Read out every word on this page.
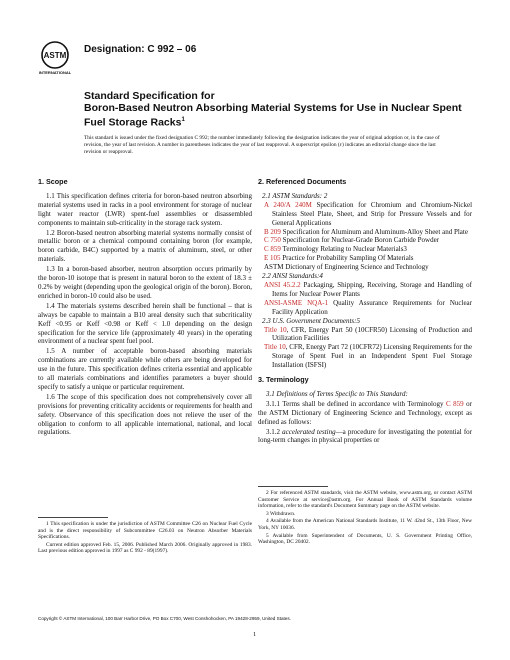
ASTM
INTERNATIONAL
Designation: C 992 – 06
Standard Specification for
Boron-Based Neutron Absorbing Material Systems for Use in Nuclear Spent Fuel Storage Racks$^1$
This standard is issued under the fixed designation C 992; the number immediately following the designation indicates the year of original adoption or, in the case of revision, the year of last revision. A number in parentheses indicates the year of last reapproval. A superscript epsilon (ε) indicates an editorial change since the last revision or reapproval.
1. Scope

1.1 This specification defines criteria for boron-based neutron absorbing material systems used in racks in a pool environment for storage of nuclear light water reactor (LWR) spent-fuel assemblies or disassembled components to maintain sub-criticality in the storage rack system.

1.2 Boron-based neutron absorbing material systems normally consist of metallic boron or a chemical compound containing boron (for example, boron carbide, B4C) supported by a matrix of aluminum, steel, or other materials.

1.3 In a boron-based absorber, neutron absorption occurs primarily by the boron-10 isotope that is present in natural boron to the extent of 18.3 ± 0.2% by weight (depending upon the geological origin of the boron). Boron, enriched in boron-10 could also be used.

1.4 The materials systems described herein shall be functional – that is always be capable to maintain a B10 areal density such that subcriticality Keff <0.95 or Keff <0.98 or Keff < 1.0 depending on the design specification for the service life (approximately 40 years) in the operating environment of a nuclear spent fuel pool.

1.5 A number of acceptable boron-based absorbing materials combinations are currently available while others are being developed for use in the future. This specification defines criteria essential and applicable to all materials combinations and identifies parameters a buyer should specify to satisfy a unique or particular requirement.

1.6 The scope of this specification does not comprehensively cover all provisions for preventing criticality accidents or requirements for health and safety. Observance of this specification does not relieve the user of the obligation to conform to all applicable international, national, and local regulations.

1 This specification is under the jurisdiction of ASTM Committee C26 on Nuclear Fuel Cycle and is the direct responsibility of Subcommittee C26.03 on Neutron Absorber Materials Specifications.

Current edition approved Feb. 15, 2006. Published March 2006. Originally approved in 1983. Last previous edition approved in 1997 as C 992 - 89(1997).

2. Referenced Documents
2.1 ASTM Standards: 2
A 240/A 240M Specification for Chromium and Chromium-Nickel Stainless Steel Plate, Sheet, and Strip for Pressure Vessels and for General Applications
B 209 Specification for Aluminum and Aluminum-Alloy Sheet and Plate
C 750 Specification for Nuclear-Grade Boron Carbide Powder
C 859 Terminology Relating to Nuclear Materials3
E 105 Practice for Probability Sampling Of Materials
ASTM Dictionary of Engineering Science and Technology
2.2 ANSI Standards:4
ANSI 45.2.2 Packaging, Shipping, Receiving, Storage and Handling of Items for Nuclear Power Plants
ANSI-ASME NQA-1 Quality Assurance Requirements for Nuclear Facility Application
2.3 U.S. Government Documents:5
Title 10, CFR, Energy Part 50 (10CFR50) Licensing of Production and Utilization Facilities
Title 10, CFR, Energy Part 72 (10CFR72) Licensing Requirements for the Storage of Spent Fuel in an Independent Spent Fuel Storage Installation (ISFSI)
3. Terminology

3.1 Definitions of Terms Specific to This Standard:

3.1.1 Terms shall be defined in accordance with Terminology C 859 or the ASTM Dictionary of Engineering Science and Technology, except as defined as follows:

3.1.2 accelerated testing—a procedure for investigating the potential for long-term changes in physical properties or

2 For referenced ASTM standards, visit the ASTM website, www.astm.org, or contact ASTM Customer Service at service@astm.org. For Annual Book of ASTM Standards volume information, refer to the standard's Document Summary page on the ASTM website.

3 Withdrawn.

4 Available from the American National Standards Institute, 11 W. 42nd St., 13th Floor, New York, NY 10036.

5 Available from Superintendent of Documents, U. S. Government Printing Office, Washington, DC 20402.

Copyright © ASTM International, 100 Barr Harbor Drive, PO Box C700, West Conshohocken, PA 19428-2959, United States.
1
